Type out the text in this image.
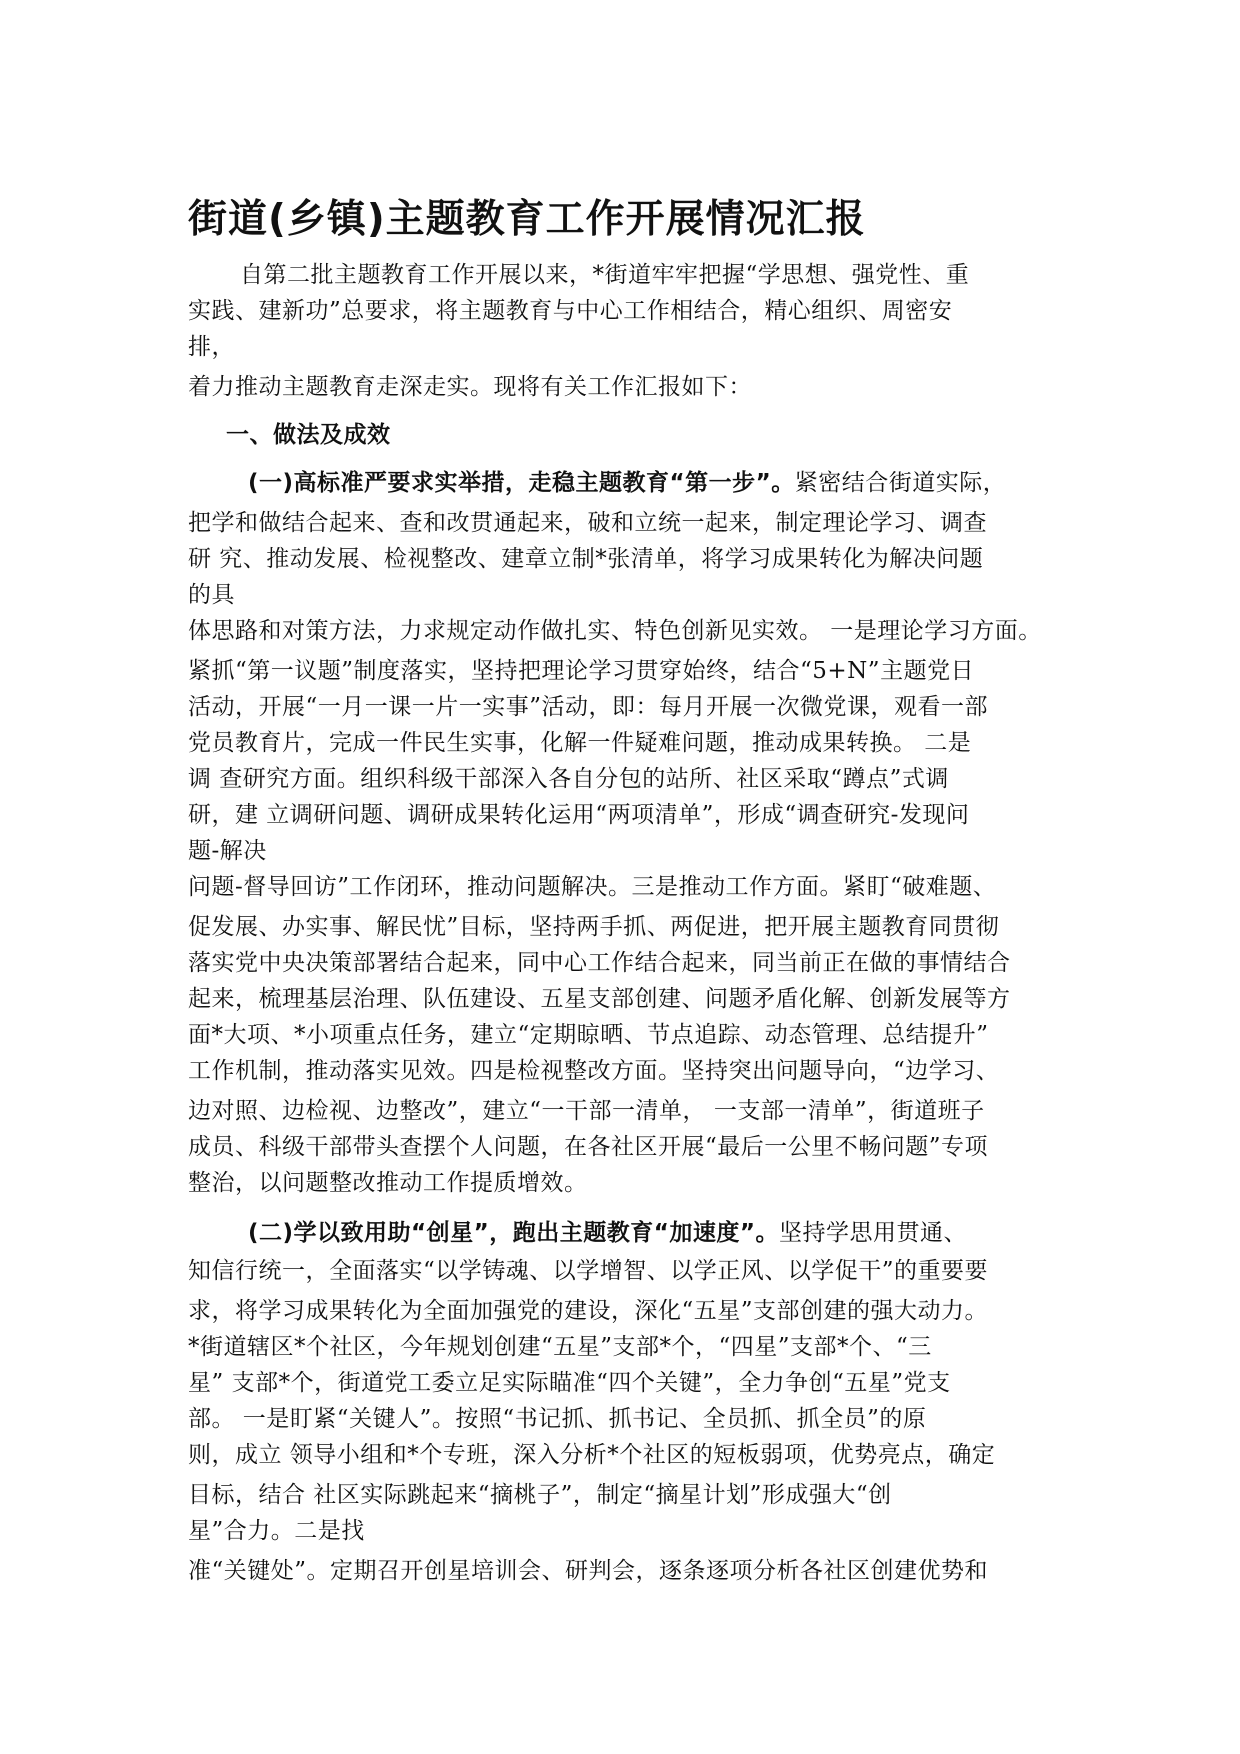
街道(乡镇)主题教育工作开展情况汇报
自第二批主题教育工作开展以来，*街道牢牢把握“学思想、强党性、重
实践、建新功”总要求，将主题教育与中心工作相结合，精心组织、周密安
排，
着力推动主题教育走深走实。现将有关工作汇报如下：
一、做法及成效
(一)高标准严要求实举措，走稳主题教育“第一步”。紧密结合街道实际，
把学和做结合起来、查和改贯通起来，破和立统一起来，制定理论学习、调查
研 究、推动发展、检视整改、建章立制*张清单，将学习成果转化为解决问题
的具
体思路和对策方法，力求规定动作做扎实、特色创新见实效。 一是理论学习方面。
紧抓“第一议题”制度落实，坚持把理论学习贯穿始终，结合“5+N”主题党日
活动，开展“一月一课一片一实事”活动，即：每月开展一次微党课，观看一部
党员教育片，完成一件民生实事，化解一件疑难问题，推动成果转换。 二是
调 查研究方面。组织科级干部深入各自分包的站所、社区采取“蹲点”式调
研，建 立调研问题、调研成果转化运用“两项清单”，形成“调查研究-发现问
题-解决
问题-督导回访”工作闭环，推动问题解决。三是推动工作方面。紧盯“破难题、
促发展、办实事、解民忧”目标，坚持两手抓、两促进，把开展主题教育同贯彻
落实党中央决策部署结合起来，同中心工作结合起来，同当前正在做的事情结合
起来，梳理基层治理、队伍建设、五星支部创建、问题矛盾化解、创新发展等方
面*大项、*小项重点任务，建立“定期晾晒、节点追踪、动态管理、总结提升”
工作机制，推动落实见效。四是检视整改方面。坚持突出问题导向，“边学习、
边对照、边检视、边整改”，建立“一干部一清单， 一支部一清单”，街道班子
成员、科级干部带头查摆个人问题，在各社区开展“最后一公里不畅问题”专项
整治，以问题整改推动工作提质增效。
(二)学以致用助“创星”，跑出主题教育“加速度”。坚持学思用贯通、
知信行统一，全面落实“以学铸魂、以学增智、以学正风、以学促干”的重要要
求，将学习成果转化为全面加强党的建设，深化“五星”支部创建的强大动力。
*街道辖区*个社区，今年规划创建“五星”支部*个，“四星”支部*个、“三
星” 支部*个，街道党工委立足实际瞄准“四个关键”，全力争创“五星”党支
部。 一是盯紧“关键人”。按照“书记抓、抓书记、全员抓、抓全员”的原
则，成立 领导小组和*个专班，深入分析*个社区的短板弱项，优势亮点，确定
目标，结合 社区实际跳起来“摘桃子”，制定“摘星计划”形成强大“创
星”合力。二是找
准“关键处”。定期召开创星培训会、研判会，逐条逐项分析各社区创建优势和
